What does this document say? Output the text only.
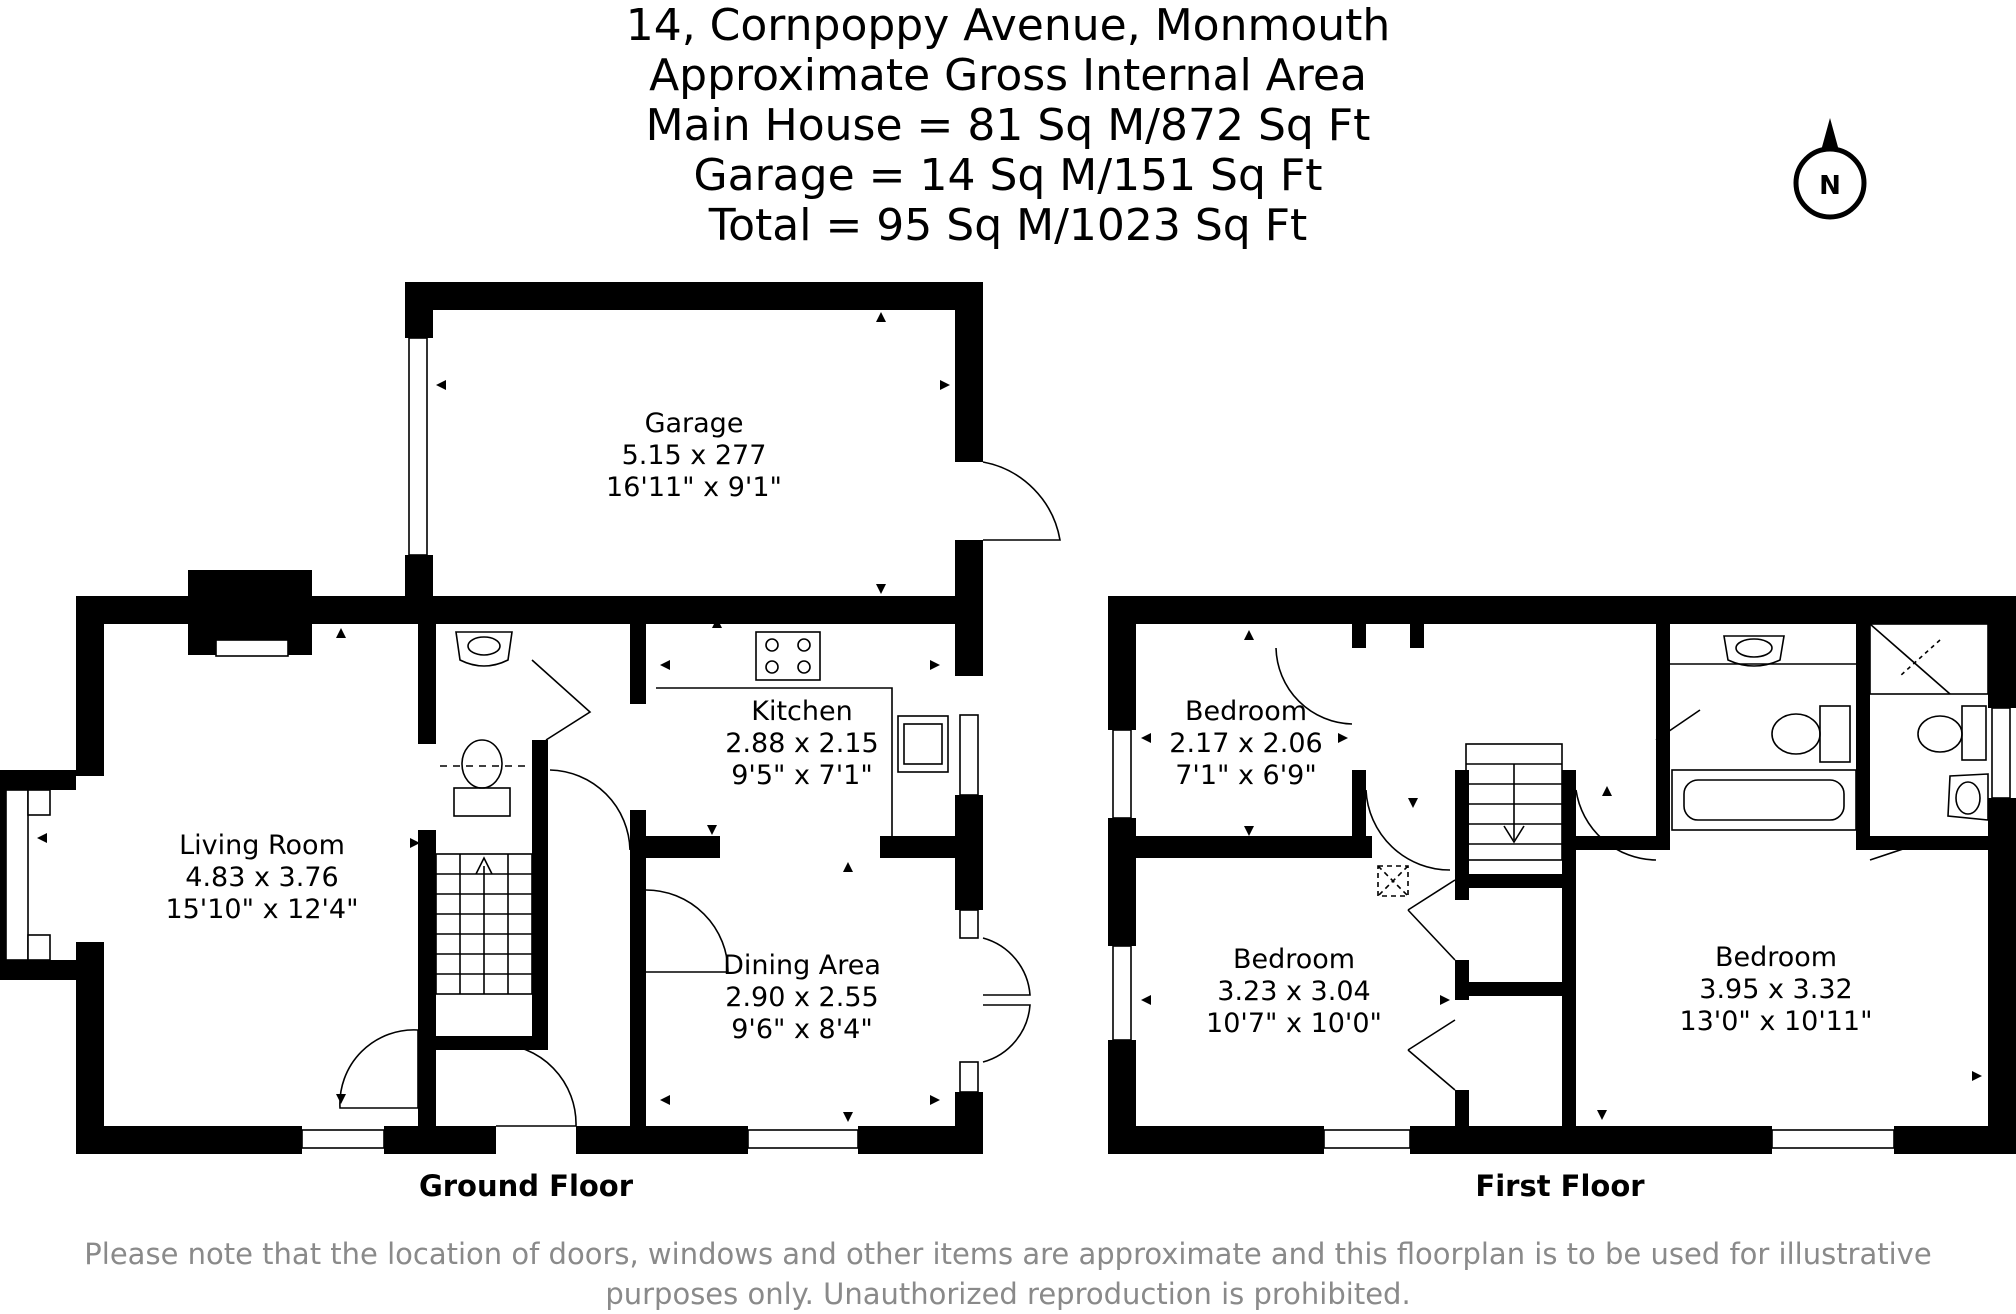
14, Cornpoppy Avenue, Monmouth
Approximate Gross Internal Area
Main House = 81 Sq M/872 Sq Ft
Garage = 14 Sq M/151 Sq Ft
Total = 95 Sq M/1023 Sq Ft
N
Garage
5.15 x 277
16'11" x 9'1"
Living Room
4.83 x 3.76
15'10" x 12'4"
Kitchen
2.88 x 2.15
9'5" x 7'1"
Dining Area
2.90 x 2.55
9'6" x 8'4"
Bedroom
2.17 x 2.06
7'1" x 6'9"
Bedroom
3.23 x 3.04
10'7" x 10'0"
Bedroom
3.95 x 3.32
13'0" x 10'11"
Ground Floor	First Floor
Please note that the location of doors, windows and other items are approximate and this floorplan is to be used for illustrative
purposes only. Unauthorized reproduction is prohibited.
